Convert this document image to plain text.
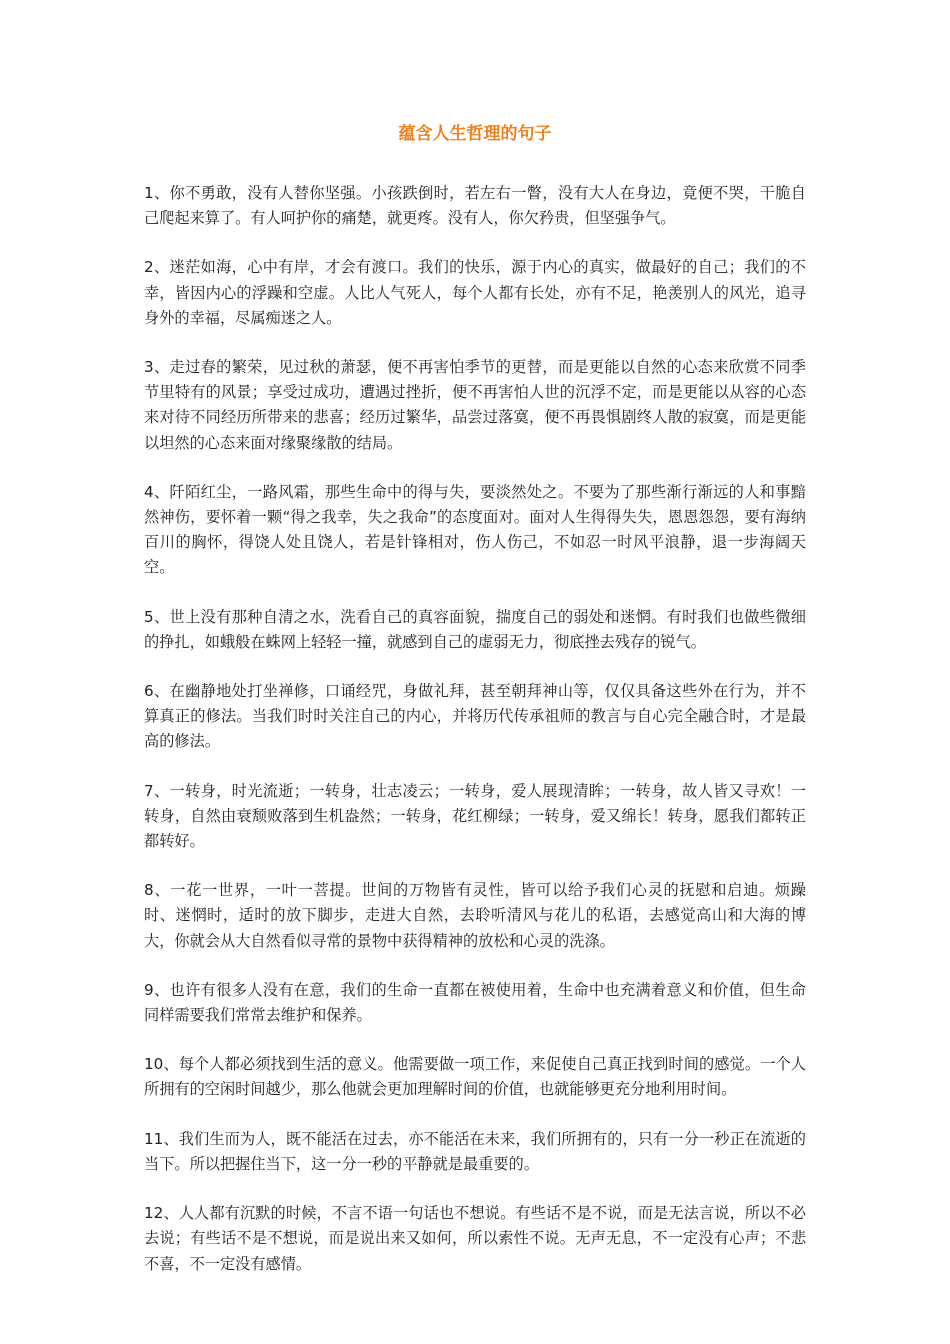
蕴含人生哲理的句子

1、你不勇敢，没有人替你坚强。小孩跌倒时，若左右一瞥，没有大人在身边，竟便不哭，干脆自己爬起来算了。有人呵护你的痛楚，就更疼。没有人，你欠矜贵，但坚强争气。

2、迷茫如海，心中有岸，才会有渡口。我们的快乐，源于内心的真实，做最好的自己；我们的不幸，皆因内心的浮躁和空虚。人比人气死人，每个人都有长处，亦有不足，艳羡别人的风光，追寻身外的幸福，尽属痴迷之人。

3、走过春的繁荣，见过秋的萧瑟，便不再害怕季节的更替，而是更能以自然的心态来欣赏不同季节里特有的风景；享受过成功，遭遇过挫折，便不再害怕人世的沉浮不定，而是更能以从容的心态来对待不同经历所带来的悲喜；经历过繁华，品尝过落寞，便不再畏惧剧终人散的寂寞，而是更能以坦然的心态来面对缘聚缘散的结局。

4、阡陌红尘，一路风霜，那些生命中的得与失，要淡然处之。不要为了那些渐行渐远的人和事黯然神伤，要怀着一颗“得之我幸，失之我命”的态度面对。面对人生得得失失，恩恩怨怨，要有海纳百川的胸怀，得饶人处且饶人，若是针锋相对，伤人伤己，不如忍一时风平浪静，退一步海阔天空。

5、世上没有那种自清之水，洗看自己的真容面貌，揣度自己的弱处和迷惘。有时我们也做些微细的挣扎，如蛾般在蛛网上轻轻一撞，就感到自己的虚弱无力，彻底挫去残存的锐气。

6、在幽静地处打坐禅修，口诵经咒，身做礼拜，甚至朝拜神山等，仅仅具备这些外在行为，并不算真正的修法。当我们时时关注自己的内心，并将历代传承祖师的教言与自心完全融合时，才是最高的修法。

7、一转身，时光流逝；一转身，壮志凌云；一转身，爱人展现清眸；一转身，故人皆又寻欢！一转身，自然由衰颓败落到生机盎然；一转身，花红柳绿；一转身，爱又绵长！转身，愿我们都转正都转好。

8、一花一世界，一叶一菩提。世间的万物皆有灵性，皆可以给予我们心灵的抚慰和启迪。烦躁时、迷惘时，适时的放下脚步，走进大自然，去聆听清风与花儿的私语，去感觉高山和大海的博大，你就会从大自然看似寻常的景物中获得精神的放松和心灵的洗涤。

9、也许有很多人没有在意，我们的生命一直都在被使用着，生命中也充满着意义和价值，但生命同样需要我们常常去维护和保养。

10、每个人都必须找到生活的意义。他需要做一项工作，来促使自己真正找到时间的感觉。一个人所拥有的空闲时间越少，那么他就会更加理解时间的价值，也就能够更充分地利用时间。

11、我们生而为人，既不能活在过去，亦不能活在未来，我们所拥有的，只有一分一秒正在流逝的当下。所以把握住当下，这一分一秒的平静就是最重要的。

12、人人都有沉默的时候，不言不语一句话也不想说。有些话不是不说，而是无法言说，所以不必去说；有些话不是不想说，而是说出来又如何，所以索性不说。无声无息，不一定没有心声；不悲不喜，不一定没有感情。
